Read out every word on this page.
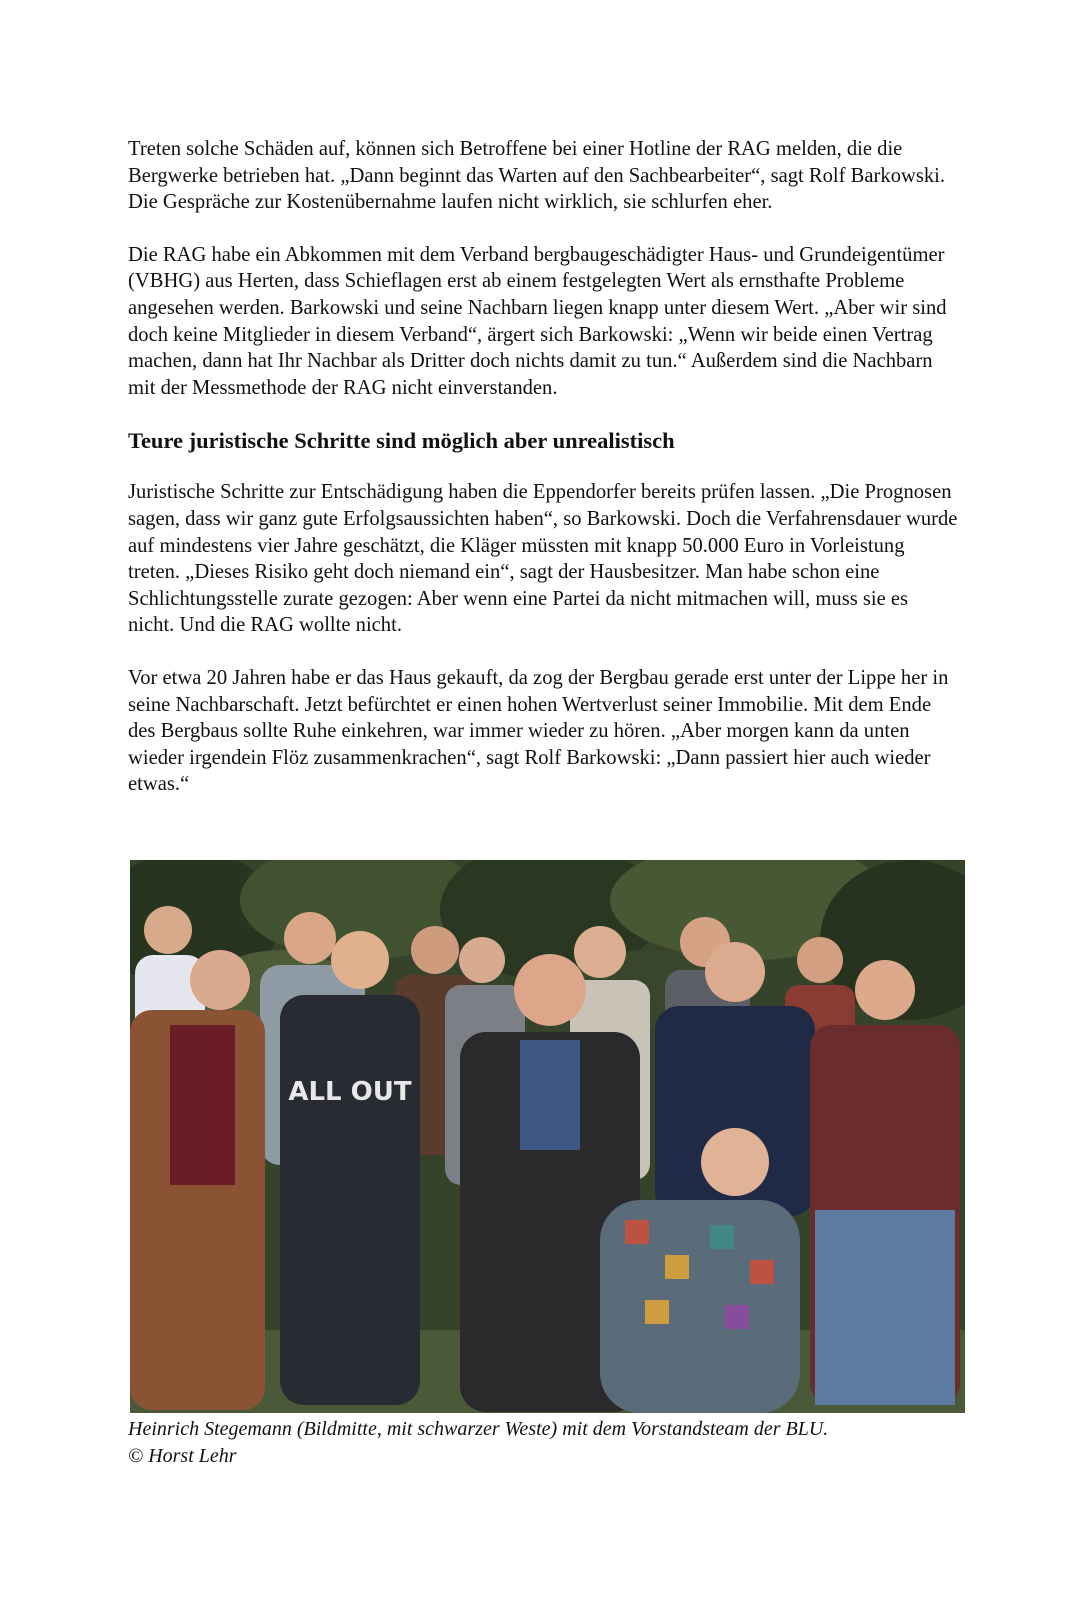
Treten solche Schäden auf, können sich Betroffene bei einer Hotline der RAG melden, die die Bergwerke betrieben hat. „Dann beginnt das Warten auf den Sachbearbeiter“, sagt Rolf Barkowski. Die Gespräche zur Kostenübernahme laufen nicht wirklich, sie schlurfen eher.

Die RAG habe ein Abkommen mit dem Verband bergbaugeschädigter Haus- und Grundeigentümer (VBHG) aus Herten, dass Schieflagen erst ab einem festgelegten Wert als ernsthafte Probleme angesehen werden. Barkowski und seine Nachbarn liegen knapp unter diesem Wert. „Aber wir sind doch keine Mitglieder in diesem Verband“, ärgert sich Barkowski: „Wenn wir beide einen Vertrag machen, dann hat Ihr Nachbar als Dritter doch nichts damit zu tun.“ Außerdem sind die Nachbarn mit der Messmethode der RAG nicht einverstanden.

Teure juristische Schritte sind möglich aber unrealistisch

Juristische Schritte zur Entschädigung haben die Eppendorfer bereits prüfen lassen. „Die Prognosen sagen, dass wir ganz gute Erfolgsaussichten haben“, so Barkowski. Doch die Verfahrensdauer wurde auf mindestens vier Jahre geschätzt, die Kläger müssten mit knapp 50.000 Euro in Vorleistung treten. „Dieses Risiko geht doch niemand ein“, sagt der Hausbesitzer. Man habe schon eine Schlichtungsstelle zurate gezogen: Aber wenn eine Partei da nicht mitmachen will, muss sie es nicht. Und die RAG wollte nicht.

Vor etwa 20 Jahren habe er das Haus gekauft, da zog der Bergbau gerade erst unter der Lippe her in seine Nachbarschaft. Jetzt befürchtet er einen hohen Wertverlust seiner Immobilie. Mit dem Ende des Bergbaus sollte Ruhe einkehren, war immer wieder zu hören. „Aber morgen kann da unten wieder irgendein Flöz zusammenkrachen“, sagt Rolf Barkowski: „Dann passiert hier auch wieder etwas.“

ALL OUT
Heinrich Stegemann (Bildmitte, mit schwarzer Weste) mit dem Vorstandsteam der BLU.
© Horst Lehr
